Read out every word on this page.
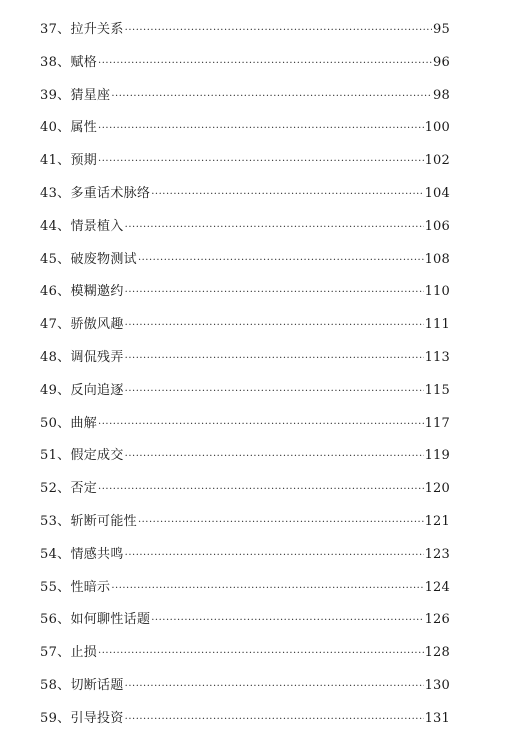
37、拉升关系 ·····	95
38、赋格 ·····	96
39、猜星座 ·····	98
40、属性 ·····	100
41、预期 ·····	102
43、多重话术脉络 ·····	104
44、情景植入 ·····	106
45、破废物测试 ·····	108
46、模糊邀约 ·····	110
47、骄傲风趣 ·····	111
48、调侃残弄 ·····	113
49、反向追逐 ·····	115
50、曲解 ·····	117
51、假定成交 ·····	119
52、否定 ·····	120
53、斩断可能性 ·····	121
54、情感共鸣 ·····	123
55、性暗示 ·····	124
56、如何聊性话题 ·····	126
57、止损 ·····	128
58、切断话题 ·····	130
59、引导投资 ·····	131
